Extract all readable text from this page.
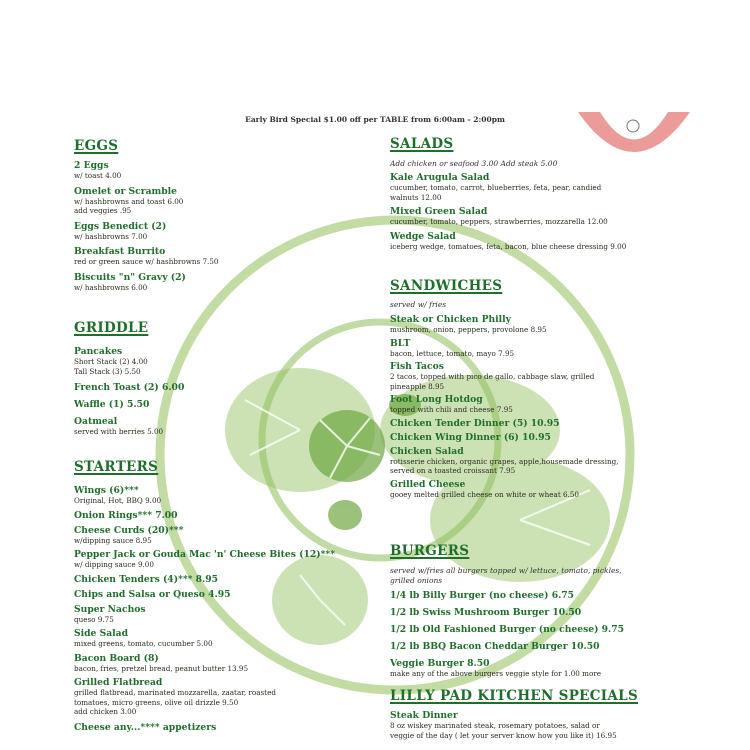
Early Bird Special $1.00 off per TABLE from 6:00am - 2:00pm
EGGS
2 Eggs
w/ toast 4.00
Omelet or Scramble
w/ hashbrowns and toast 6.00
add veggies .95
Eggs Benedict (2)
w/ hashbrowns 7.00
Breakfast Burrito
red or green sauce w/ hashbrowns 7.50
Biscuits "n" Gravy (2)
w/ hashbrowns 6.00
GRIDDLE
Pancakes
Short Stack (2) 4.00
Tall Stack (3) 5.50
French Toast (2) 6.00
Waffle (1) 5.50
Oatmeal
served with berries 5.00
STARTERS
Wings (6)***
Original, Hot, BBQ 9.00
Onion Rings*** 7.00
Cheese Curds (20)***
w/dipping sauce 8.95
Pepper Jack or Gouda Mac 'n' Cheese Bites (12)***
w/ dipping sauce 9.00
Chicken Tenders (4)*** 8.95
Chips and Salsa or Queso 4.95
Super Nachos
queso 9.75
Side Salad
mixed greens, tomato, cucumber 5.00
Bacon Board (8)
bacon, fries, pretzel bread, peanut butter 13.95
Grilled Flatbread
grilled flatbread, marinated mozzarella, zaatar, roasted
tomatoes, micro greens, olive oil drizzle 9.50
add chicken 3.00
Cheese any...**** appetizers
SALADS
Add chicken or seafood 3.00 Add steak 5.00
Kale Arugula Salad
cucumber, tomato, carrot, blueberries, feta, pear, candied
walnuts 12.00
Mixed Green Salad
cucumber, tomato, peppers, strawberries, mozzarella 12.00
Wedge Salad
iceberg wedge, tomatoes, feta, bacon, blue cheese dressing 9.00
SANDWICHES
served w/ fries
Steak or Chicken Philly
mushroom, onion, peppers, provolone 8.95
BLT
bacon, lettuce, tomato, mayo 7.95
Fish Tacos
2 tacos, topped with pico de gallo, cabbage slaw, grilled
pineapple 8.95
Foot Long Hotdog
topped with chili and cheese 7.95
Chicken Tender Dinner (5) 10.95
Chicken Wing Dinner (6) 10.95
Chicken Salad
rotisserie chicken, organic grapes, apple,housemade dressing,
served on a toasted croissant 7.95
Grilled Cheese
gooey melted grilled cheese on white or wheat 6.50
BURGERS
served w/fries all burgers topped w/ lettuce, tomato, pickles,
grilled onions
1/4 lb Billy Burger (no cheese) 6.75
1/2 lb Swiss Mushroom Burger 10.50
1/2 lb Old Fashioned Burger (no cheese) 9.75
1/2 lb BBQ Bacon Cheddar Burger 10.50
Veggie Burger 8.50
make any of the above burgers veggie style for 1.00 more
LILLY PAD KITCHEN SPECIALS
Steak Dinner
8 oz wiskey marinated steak, rosemary potatoes, salad or
veggie of the day ( let your server know how you like it) 16.95
